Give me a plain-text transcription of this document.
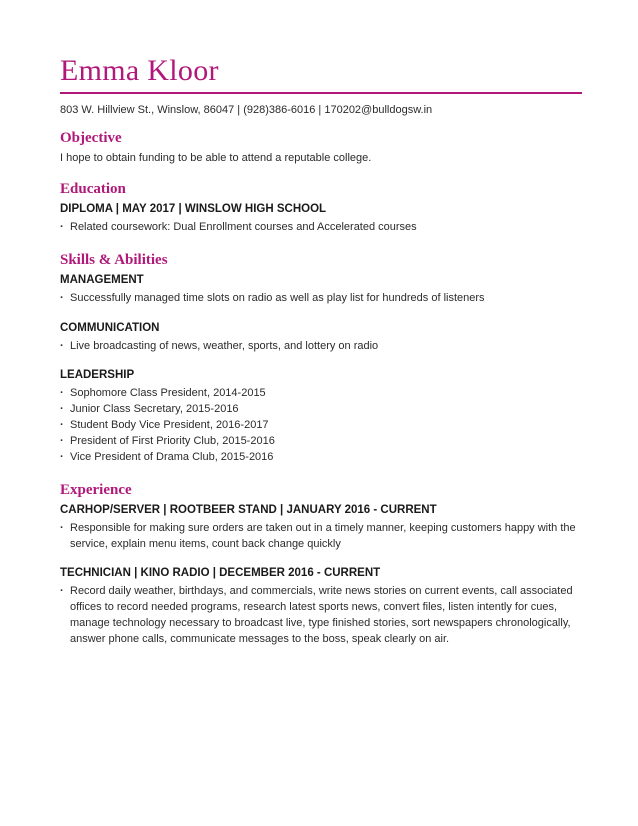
Emma Kloor
803 W. Hillview St., Winslow, 86047 | (928)386-6016 | 170202@bulldogsw.in
Objective
I hope to obtain funding to be able to attend a reputable college.
Education
DIPLOMA | MAY 2017 | WINSLOW HIGH SCHOOL
· Related coursework: Dual Enrollment courses and Accelerated courses
Skills & Abilities
MANAGEMENT
· Successfully managed time slots on radio as well as play list for hundreds of listeners
COMMUNICATION
· Live broadcasting of news, weather, sports, and lottery on radio
LEADERSHIP
· Sophomore Class President, 2014-2015
· Junior Class Secretary, 2015-2016
· Student Body Vice President, 2016-2017
· President of First Priority Club, 2015-2016
· Vice President of Drama Club, 2015-2016
Experience
CARHOP/SERVER | ROOTBEER STAND | JANUARY 2016 - CURRENT
· Responsible for making sure orders are taken out in a timely manner, keeping customers happy with the service, explain menu items, count back change quickly
TECHNICIAN | KINO RADIO | DECEMBER 2016 - CURRENT
· Record daily weather, birthdays, and commercials, write news stories on current events, call associated offices to record needed programs, research latest sports news, convert files, listen intently for cues, manage technology necessary to broadcast live, type finished stories, sort newspapers chronologically, answer phone calls, communicate messages to the boss, speak clearly on air.
